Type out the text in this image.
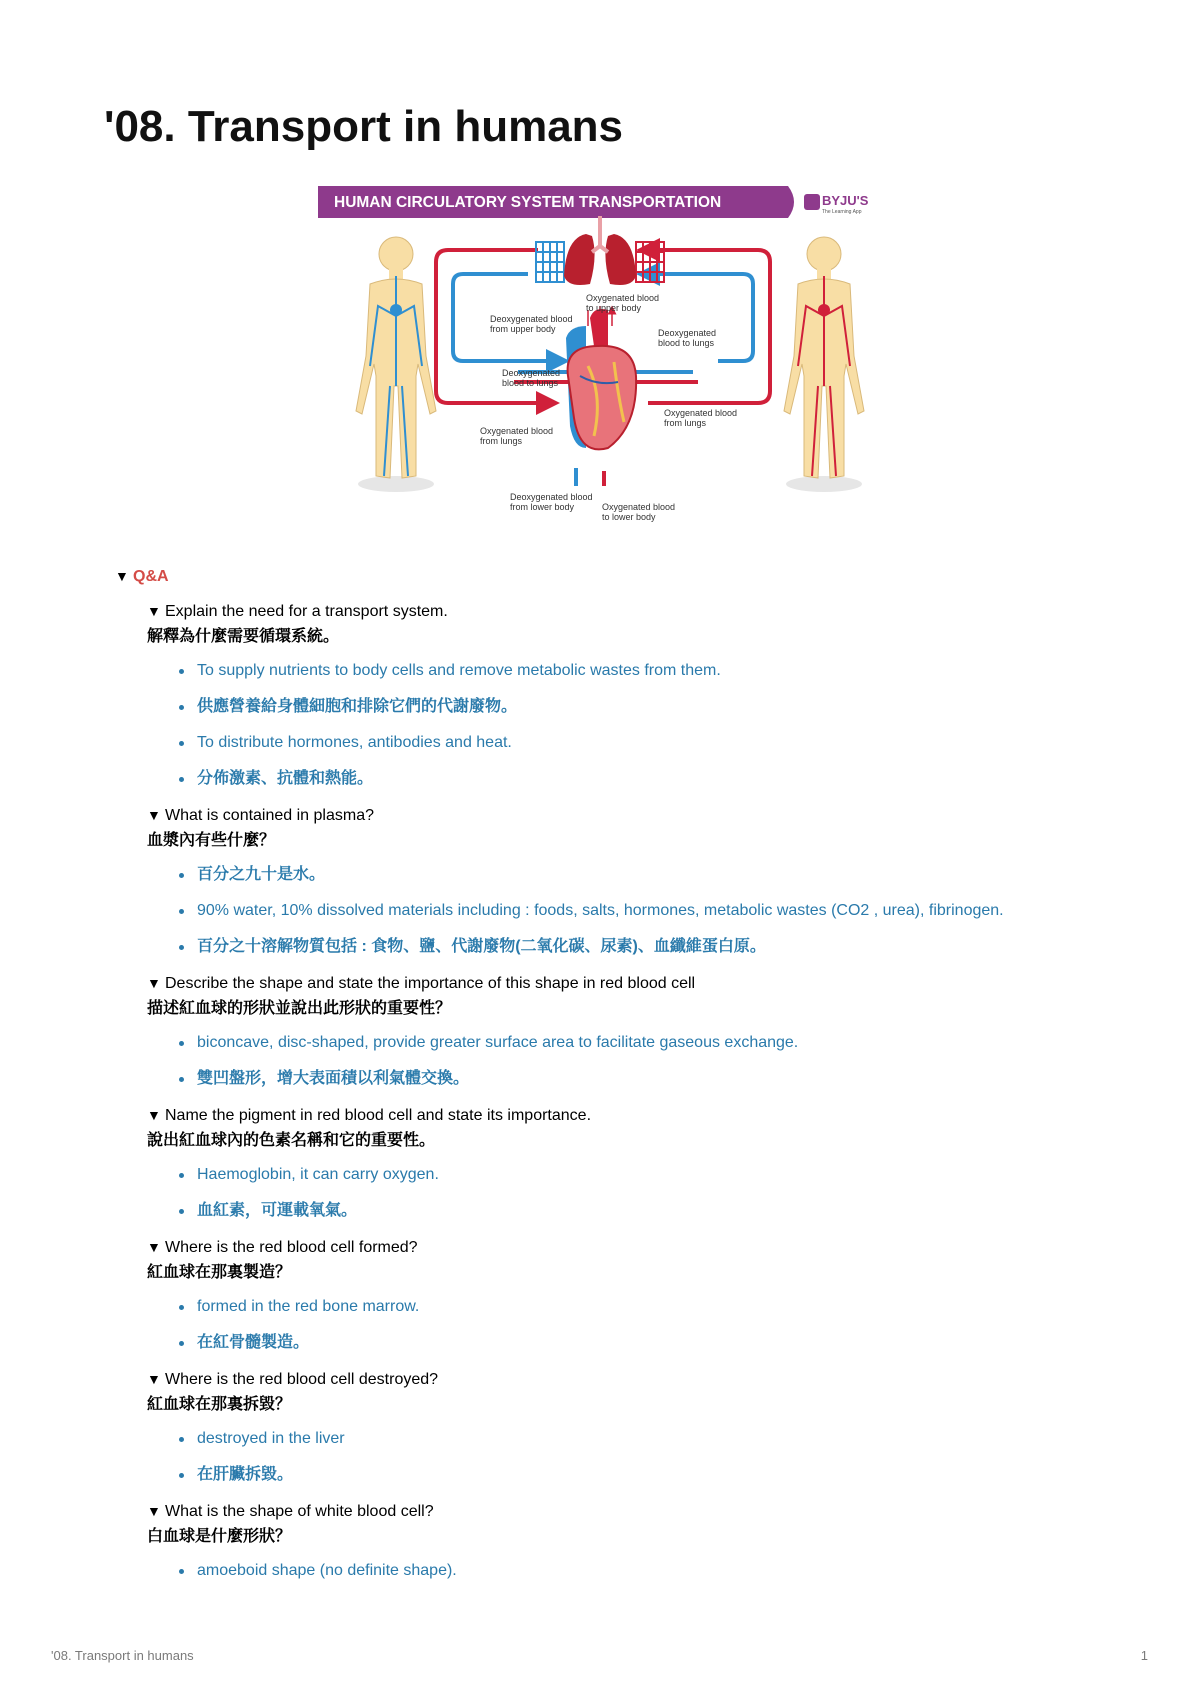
'08. Transport in humans
HUMAN CIRCULATORY SYSTEM TRANSPORTATION	BYJU'S
The Learning App
Oxygenated blood to upper body
Deoxygenated blood from upper body	Deoxygenated blood to lungs
Deoxygenated blood to lungs
Oxygenated blood from lungs
Oxygenated blood from lungs
Deoxygenated blood from lower body	Oxygenated blood to lower body
▼ Q&A
▼ Explain the need for a transport system.
解釋為什麼需要循環系統。
To supply nutrients to body cells and remove metabolic wastes from them.
供應營養給身體細胞和排除它們的代謝廢物。
To distribute hormones, antibodies and heat.
分佈激素、抗體和熱能。
▼ What is contained in plasma?
血漿內有些什麼？
百分之九十是水。
90% water, 10% dissolved materials including : foods, salts, hormones, metabolic wastes (CO2 , urea), fibrinogen.
百分之十溶解物質包括 : 食物、鹽、代謝廢物(二氧化碳、尿素)、血纖維蛋白原。
▼ Describe the shape and state the importance of this shape in red blood cell
描述紅血球的形狀並說出此形狀的重要性？
biconcave, disc-shaped, provide greater surface area to facilitate gaseous exchange.
雙凹盤形，增大表面積以利氣體交換。
▼ Name the pigment in red blood cell and state its importance.
說出紅血球內的色素名稱和它的重要性。
Haemoglobin, it can carry oxygen.
血紅素，可運載氧氣。
▼ Where is the red blood cell formed?
紅血球在那裏製造？
formed in the red bone marrow.
在紅骨髓製造。
▼ Where is the red blood cell destroyed?
紅血球在那裏拆毀？
destroyed in the liver
在肝臟拆毀。
▼ What is the shape of white blood cell?
白血球是什麼形狀？
amoeboid shape (no definite shape).
'08. Transport in humans	1
